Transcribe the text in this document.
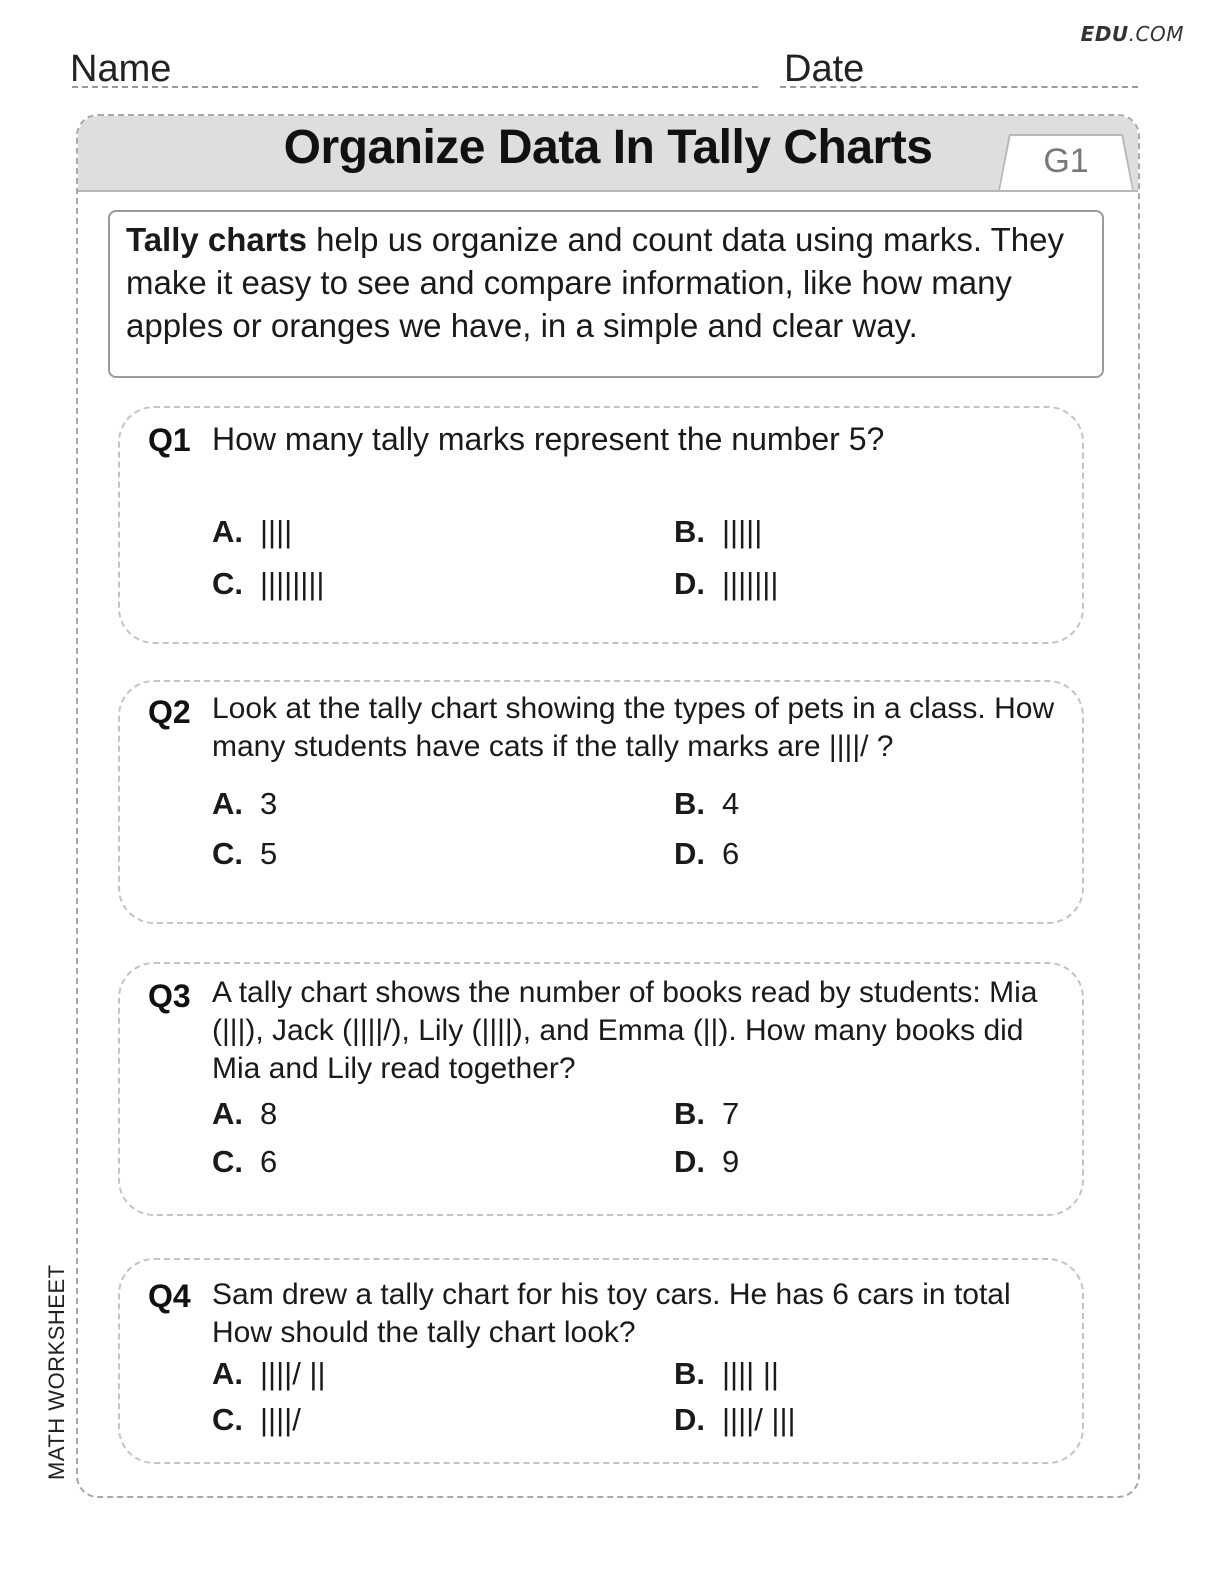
EDU.COM
Name	Date
Organize Data In Tally Charts	G1
Tally charts help us organize and count data using marks. They make it easy to see and compare information, like how many apples or oranges we have, in a simple and clear way.
Q1 How many tally marks represent the number 5?
A. ||||	B. |||||
C. ||||||||	D. |||||||
Q2 Look at the tally chart showing the types of pets in a class. How many students have cats if the tally marks are ||||/ ?
A. 3	B. 4
C. 5	D. 6
Q3 A tally chart shows the number of books read by students: Mia (|||), Jack (||||/), Lily (||||), and Emma (||). How many books did Mia and Lily read together?
A. 8	B. 7
C. 6	D. 9
Q4 Sam drew a tally chart for his toy cars. He has 6 cars in total How should the tally chart look?
A. ||||/ ||	B. |||| ||
C. ||||/	D. ||||/ |||
MATH WORKSHEET
